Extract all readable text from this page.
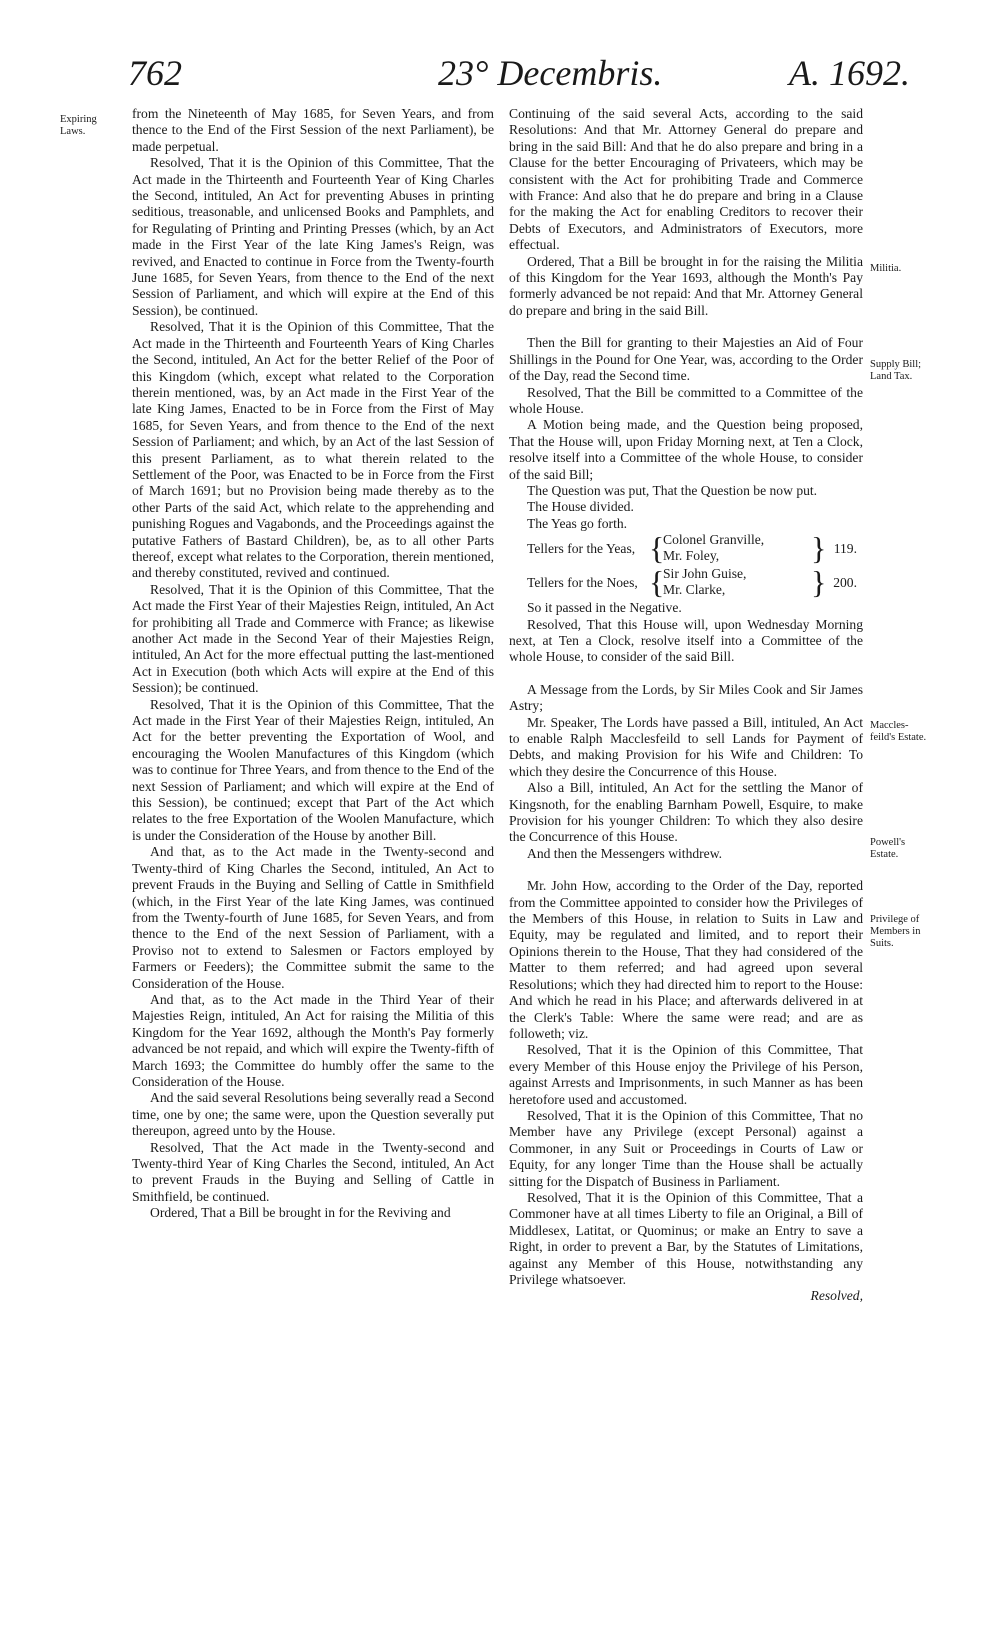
762	23° Decembris.	A. 1692.
Expiring
Laws.
Militia.
Supply Bill;
Land Tax.
Maccles-
feild's Estate.
Powell's
Estate.
Privilege of
Members in
Suits.

from the Nineteenth of May 1685, for Seven Years, and from thence to the End of the First Session of the next Parliament), be made perpetual.

Resolved, That it is the Opinion of this Committee, That the Act made in the Thirteenth and Fourteenth Year of King Charles the Second, intituled, An Act for preventing Abuses in printing seditious, treasonable, and unlicensed Books and Pamphlets, and for Regulating of Printing and Printing Presses (which, by an Act made in the First Year of the late King James's Reign, was revived, and Enacted to continue in Force from the Twenty-fourth June 1685, for Seven Years, from thence to the End of the next Session of Parliament, and which will expire at the End of this Session), be continued.

Resolved, That it is the Opinion of this Committee, That the Act made in the Thirteenth and Fourteenth Years of King Charles the Second, intituled, An Act for the better Relief of the Poor of this Kingdom (which, except what related to the Corporation therein mentioned, was, by an Act made in the First Year of the late King James, Enacted to be in Force from the First of May 1685, for Seven Years, and from thence to the End of the next Session of Parliament; and which, by an Act of the last Session of this present Parliament, as to what therein related to the Settlement of the Poor, was Enacted to be in Force from the First of March 1691; but no Provision being made thereby as to the other Parts of the said Act, which relate to the apprehending and punishing Rogues and Vagabonds, and the Proceedings against the putative Fathers of Bastard Children), be, as to all other Parts thereof, except what relates to the Corporation, therein mentioned, and thereby constituted, revived and continued.

Resolved, That it is the Opinion of this Committee, That the Act made the First Year of their Majesties Reign, intituled, An Act for prohibiting all Trade and Commerce with France; as likewise another Act made in the Second Year of their Majesties Reign, intituled, An Act for the more effectual putting the last-mentioned Act in Execution (both which Acts will expire at the End of this Session); be continued.

Resolved, That it is the Opinion of this Committee, That the Act made in the First Year of their Majesties Reign, intituled, An Act for the better preventing the Exportation of Wool, and encouraging the Woolen Manufactures of this Kingdom (which was to continue for Three Years, and from thence to the End of the next Session of Parliament; and which will expire at the End of this Session), be continued; except that Part of the Act which relates to the free Exportation of the Woolen Manufacture, which is under the Consideration of the House by another Bill.

And that, as to the Act made in the Twenty-second and Twenty-third of King Charles the Second, intituled, An Act to prevent Frauds in the Buying and Selling of Cattle in Smithfield (which, in the First Year of the late King James, was continued from the Twenty-fourth of June 1685, for Seven Years, and from thence to the End of the next Session of Parliament, with a Proviso not to extend to Salesmen or Factors employed by Farmers or Feeders); the Committee submit the same to the Consideration of the House.

And that, as to the Act made in the Third Year of their Majesties Reign, intituled, An Act for raising the Militia of this Kingdom for the Year 1692, although the Month's Pay formerly advanced be not repaid, and which will expire the Twenty-fifth of March 1693; the Committee do humbly offer the same to the Consideration of the House.

And the said several Resolutions being severally read a Second time, one by one; the same were, upon the Question severally put thereupon, agreed unto by the House.

Resolved, That the Act made in the Twenty-second and Twenty-third Year of King Charles the Second, intituled, An Act to prevent Frauds in the Buying and Selling of Cattle in Smithfield, be continued.

Ordered, That a Bill be brought in for the Reviving and

Continuing of the said several Acts, according to the said Resolutions: And that Mr. Attorney General do prepare and bring in the said Bill: And that he do also prepare and bring in a Clause for the better Encouraging of Privateers, which may be consistent with the Act for prohibiting Trade and Commerce with France: And also that he do prepare and bring in a Clause for the making the Act for enabling Creditors to recover their Debts of Executors, and Administrators of Executors, more effectual.

Ordered, That a Bill be brought in for the raising the Militia of this Kingdom for the Year 1693, although the Month's Pay formerly advanced be not repaid: And that Mr. Attorney General do prepare and bring in the said Bill.

Then the Bill for granting to their Majesties an Aid of Four Shillings in the Pound for One Year, was, according to the Order of the Day, read the Second time.

Resolved, That the Bill be committed to a Committee of the whole House.

A Motion being made, and the Question being proposed, That the House will, upon Friday Morning next, at Ten a Clock, resolve itself into a Committee of the whole House, to consider of the said Bill;

The Question was put, That the Question be now put.

The House divided.

The Yeas go forth.

Tellers for the Yeas, {
Colonel Granville,
Mr. Foley,	} 119.
Tellers for the Noes, {
Sir John Guise,
Mr. Clarke,	} 200.

So it passed in the Negative.

Resolved, That this House will, upon Wednesday Morning next, at Ten a Clock, resolve itself into a Committee of the whole House, to consider of the said Bill.

A Message from the Lords, by Sir Miles Cook and Sir James Astry;

Mr. Speaker, The Lords have passed a Bill, intituled, An Act to enable Ralph Macclesfeild to sell Lands for Payment of Debts, and making Provision for his Wife and Children: To which they desire the Concurrence of this House.

Also a Bill, intituled, An Act for the settling the Manor of Kingsnoth, for the enabling Barnham Powell, Esquire, to make Provision for his younger Children: To which they also desire the Concurrence of this House.

And then the Messengers withdrew.

Mr. John How, according to the Order of the Day, reported from the Committee appointed to consider how the Privileges of the Members of this House, in relation to Suits in Law and Equity, may be regulated and limited, and to report their Opinions therein to the House, That they had considered of the Matter to them referred; and had agreed upon several Resolutions; which they had directed him to report to the House: And which he read in his Place; and afterwards delivered in at the Clerk's Table: Where the same were read; and are as followeth; viz.

Resolved, That it is the Opinion of this Committee, That every Member of this House enjoy the Privilege of his Person, against Arrests and Imprisonments, in such Manner as has been heretofore used and accustomed.

Resolved, That it is the Opinion of this Committee, That no Member have any Privilege (except Personal) against a Commoner, in any Suit or Proceedings in Courts of Law or Equity, for any longer Time than the House shall be actually sitting for the Dispatch of Business in Parliament.

Resolved, That it is the Opinion of this Committee, That a Commoner have at all times Liberty to file an Original, a Bill of Middlesex, Latitat, or Quominus; or make an Entry to save a Right, in order to prevent a Bar, by the Statutes of Limitations, against any Member of this House, notwithstanding any Privilege whatsoever.

Resolved,
